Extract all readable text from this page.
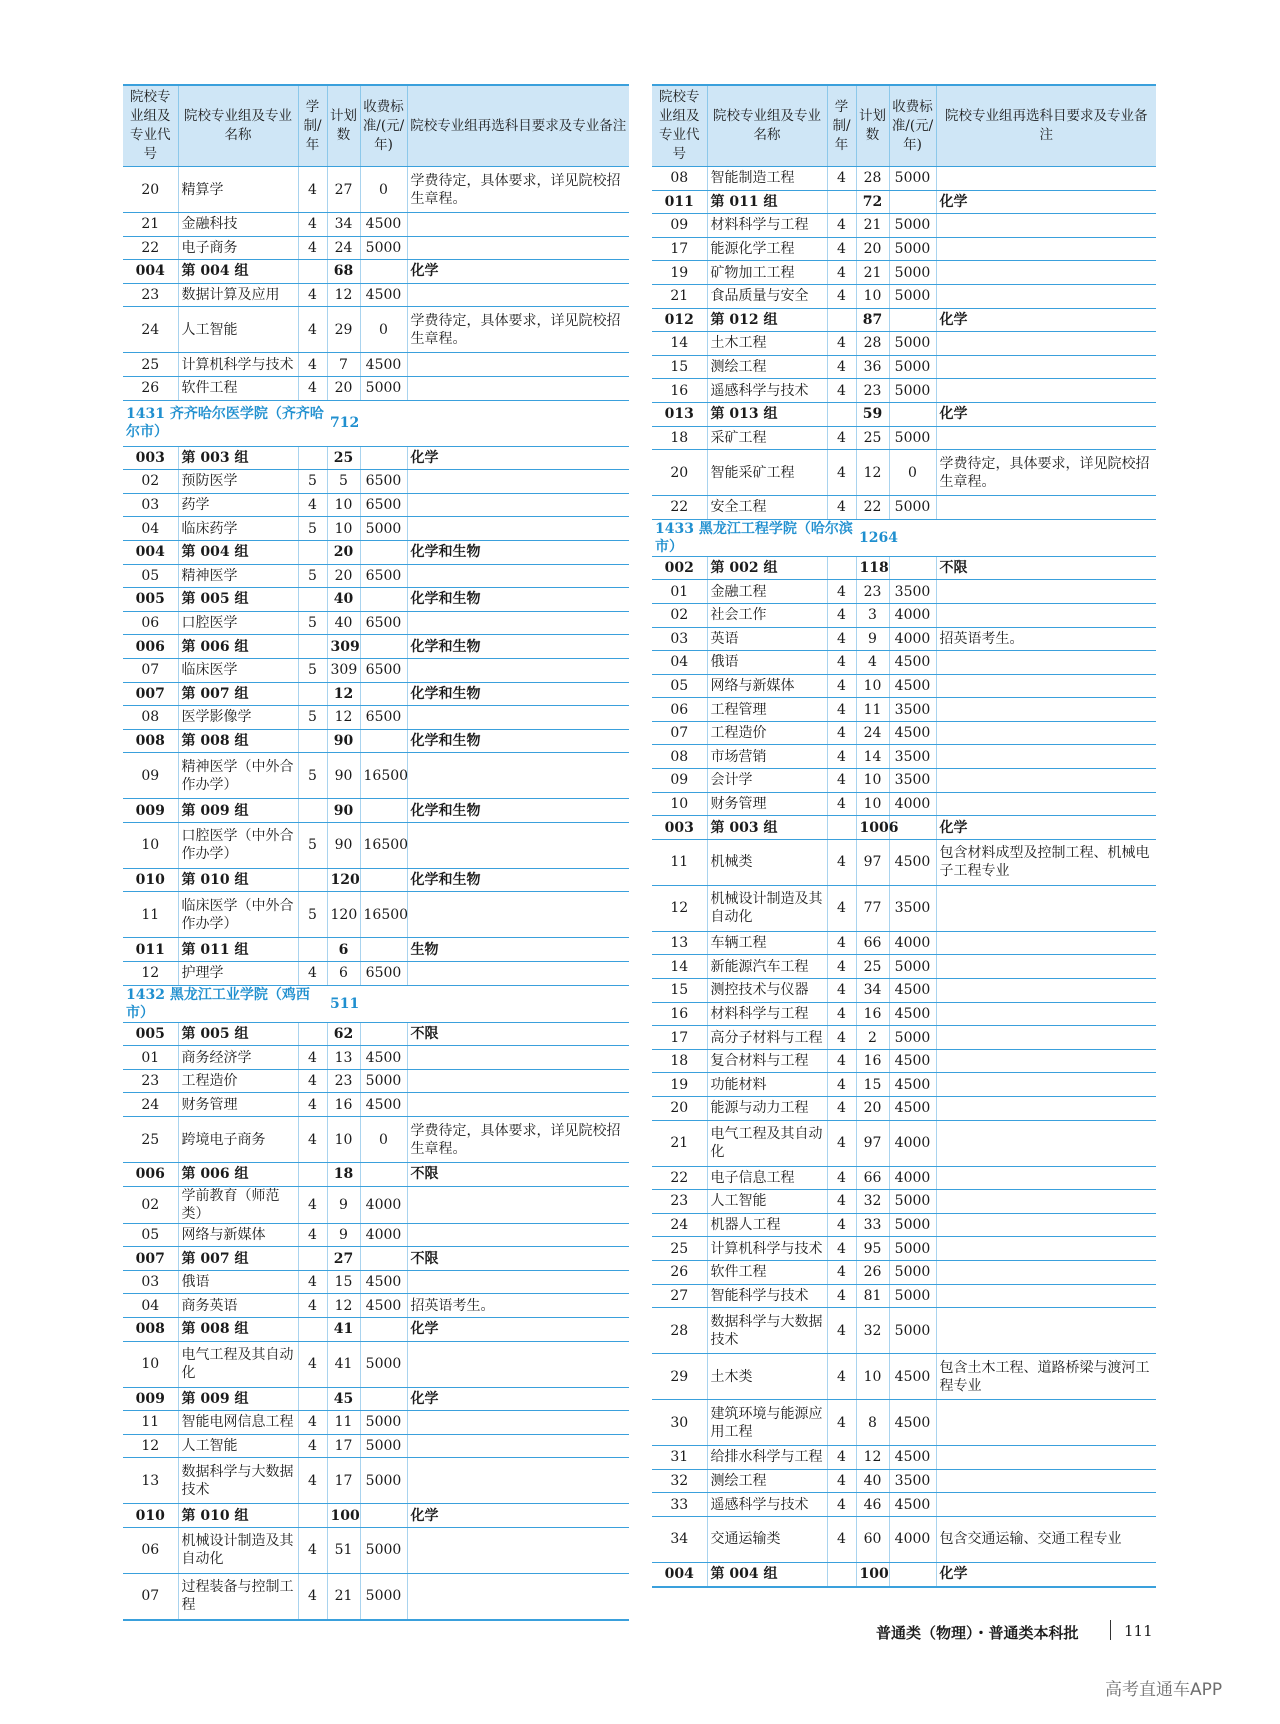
院校专业组及专业代号	院校专业组及专业名称	学制/年	计划数	收费标准/(元/年)	院校专业组再选科目要求及专业备注
20	精算学	4	27	0	学费待定，具体要求，详见院校招生章程。
21	金融科技	4	34	4500	
22	电子商务	4	24	5000	
004	第 004 组		68		化学
23	数据计算及应用	4	12	4500	
24	人工智能	4	29	0	学费待定，具体要求，详见院校招生章程。
25	计算机科学与技术	4	7	4500	
26	软件工程	4	20	5000	
1431 齐齐哈尔医学院（齐齐哈尔市）			712		
003	第 003 组		25		化学
02	预防医学	5	5	6500	
03	药学	4	10	6500	
04	临床药学	5	10	5000	
004	第 004 组		20		化学和生物
05	精神医学	5	20	6500	
005	第 005 组		40		化学和生物
06	口腔医学	5	40	6500	
006	第 006 组		309		化学和生物
07	临床医学	5	309	6500	
007	第 007 组		12		化学和生物
08	医学影像学	5	12	6500	
008	第 008 组		90		化学和生物
09	精神医学（中外合作办学）	5	90	16500	
009	第 009 组		90		化学和生物
10	口腔医学（中外合作办学）	5	90	16500	
010	第 010 组		120		化学和生物
11	临床医学（中外合作办学）	5	120	16500	
011	第 011 组		6		生物
12	护理学	4	6	6500	
1432 黑龙江工业学院（鸡西市）			511		
005	第 005 组		62		不限
01	商务经济学	4	13	4500	
23	工程造价	4	23	5000	
24	财务管理	4	16	4500	
25	跨境电子商务	4	10	0	学费待定，具体要求，详见院校招生章程。
006	第 006 组		18		不限
02	学前教育（师范类）	4	9	4000	
05	网络与新媒体	4	9	4000	
007	第 007 组		27		不限
03	俄语	4	15	4500	
04	商务英语	4	12	4500	招英语考生。
008	第 008 组		41		化学
10	电气工程及其自动化	4	41	5000	
009	第 009 组		45		化学
11	智能电网信息工程	4	11	5000	
12	人工智能	4	17	5000	
13	数据科学与大数据技术	4	17	5000	
010	第 010 组		100		化学
06	机械设计制造及其自动化	4	51	5000	
07	过程装备与控制工程	4	21	5000	
院校专业组及专业代号	院校专业组及专业名称	学制/年	计划数	收费标准/(元/年)	院校专业组再选科目要求及专业备注
08	智能制造工程	4	28	5000	
011	第 011 组		72		化学
09	材料科学与工程	4	21	5000	
17	能源化学工程	4	20	5000	
19	矿物加工工程	4	21	5000	
21	食品质量与安全	4	10	5000	
012	第 012 组		87		化学
14	土木工程	4	28	5000	
15	测绘工程	4	36	5000	
16	遥感科学与技术	4	23	5000	
013	第 013 组		59		化学
18	采矿工程	4	25	5000	
20	智能采矿工程	4	12	0	学费待定，具体要求，详见院校招生章程。
22	安全工程	4	22	5000	
1433 黑龙江工程学院（哈尔滨市）			1264		
002	第 002 组		118		不限
01	金融工程	4	23	3500	
02	社会工作	4	3	4000	
03	英语	4	9	4000	招英语考生。
04	俄语	4	4	4500	
05	网络与新媒体	4	10	4500	
06	工程管理	4	11	3500	
07	工程造价	4	24	4500	
08	市场营销	4	14	3500	
09	会计学	4	10	3500	
10	财务管理	4	10	4000	
003	第 003 组		1006		化学
11	机械类	4	97	4500	包含材料成型及控制工程、机械电子工程专业
12	机械设计制造及其自动化	4	77	3500	
13	车辆工程	4	66	4000	
14	新能源汽车工程	4	25	5000	
15	测控技术与仪器	4	34	4500	
16	材料科学与工程	4	16	4500	
17	高分子材料与工程	4	2	5000	
18	复合材料与工程	4	16	4500	
19	功能材料	4	15	4500	
20	能源与动力工程	4	20	4500	
21	电气工程及其自动化	4	97	4000	
22	电子信息工程	4	66	4000	
23	人工智能	4	32	5000	
24	机器人工程	4	33	5000	
25	计算机科学与技术	4	95	5000	
26	软件工程	4	26	5000	
27	智能科学与技术	4	81	5000	
28	数据科学与大数据技术	4	32	5000	
29	土木类	4	10	4500	包含土木工程、道路桥梁与渡河工程专业
30	建筑环境与能源应用工程	4	8	4500	
31	给排水科学与工程	4	12	4500	
32	测绘工程	4	40	3500	
33	遥感科学与技术	4	46	4500	
34	交通运输类	4	60	4000	包含交通运输、交通工程专业
004	第 004 组		100		化学
普通类（物理）・普通类本科批	111
高考直通车APP
